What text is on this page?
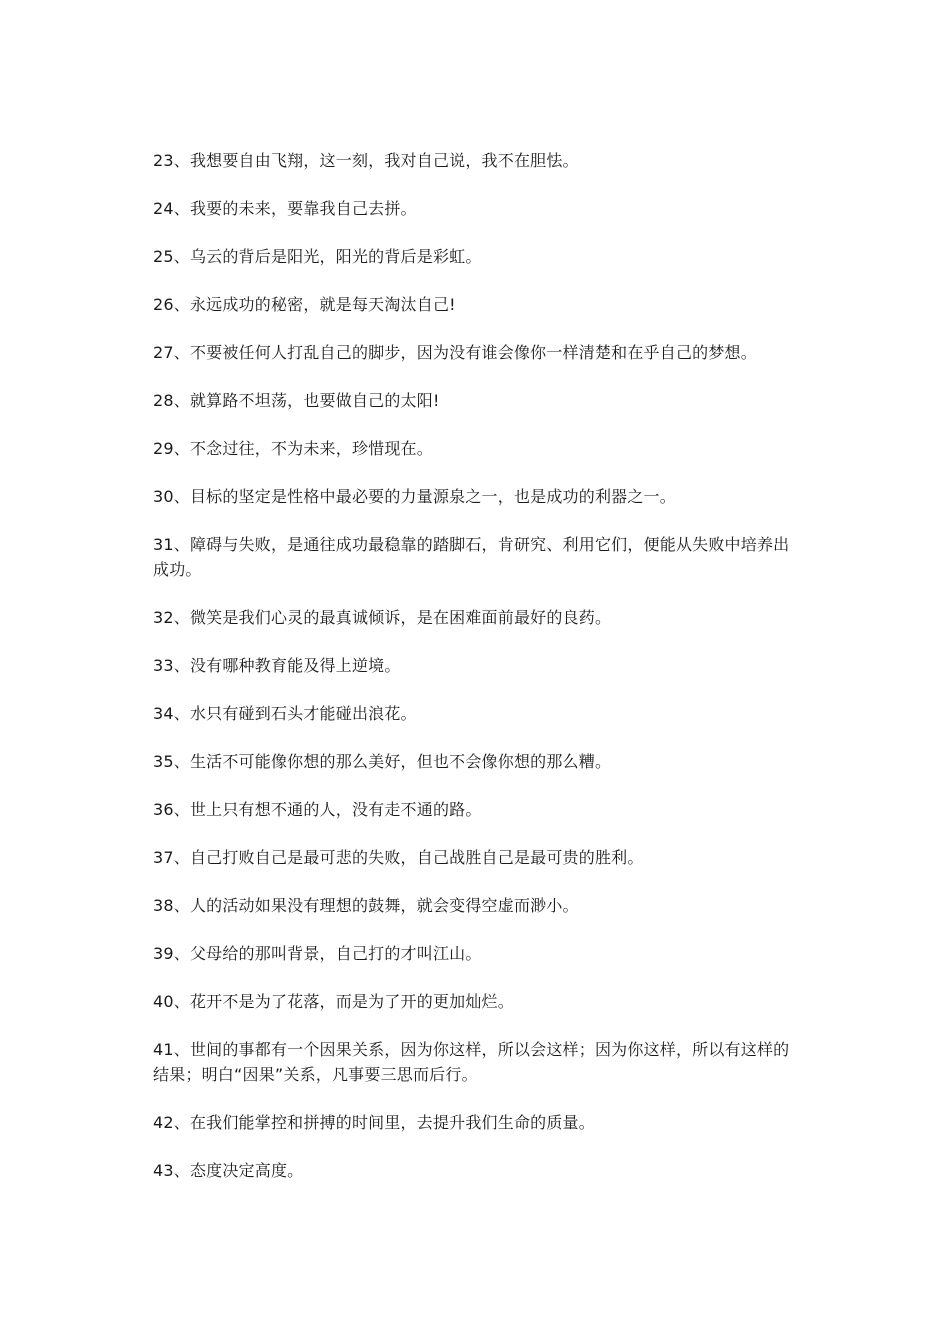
23、我想要自由飞翔，这一刻，我对自己说，我不在胆怯。

24、我要的未来，要靠我自己去拼。

25、乌云的背后是阳光，阳光的背后是彩虹。

26、永远成功的秘密，就是每天淘汰自己!

27、不要被任何人打乱自己的脚步，因为没有谁会像你一样清楚和在乎自己的梦想。

28、就算路不坦荡，也要做自己的太阳!

29、不念过往，不为未来，珍惜现在。

30、目标的坚定是性格中最必要的力量源泉之一，也是成功的利器之一。

31、障碍与失败，是通往成功最稳靠的踏脚石，肯研究、利用它们，便能从失败中培养出成功。

32、微笑是我们心灵的最真诚倾诉，是在困难面前最好的良药。

33、没有哪种教育能及得上逆境。

34、水只有碰到石头才能碰出浪花。

35、生活不可能像你想的那么美好，但也不会像你想的那么糟。

36、世上只有想不通的人，没有走不通的路。

37、自己打败自己是最可悲的失败，自己战胜自己是最可贵的胜利。

38、人的活动如果没有理想的鼓舞，就会变得空虚而渺小。

39、父母给的那叫背景，自己打的才叫江山。

40、花开不是为了花落，而是为了开的更加灿烂。

41、世间的事都有一个因果关系，因为你这样，所以会这样；因为你这样，所以有这样的结果；明白“因果”关系，凡事要三思而后行。

42、在我们能掌控和拼搏的时间里，去提升我们生命的质量。

43、态度决定高度。
